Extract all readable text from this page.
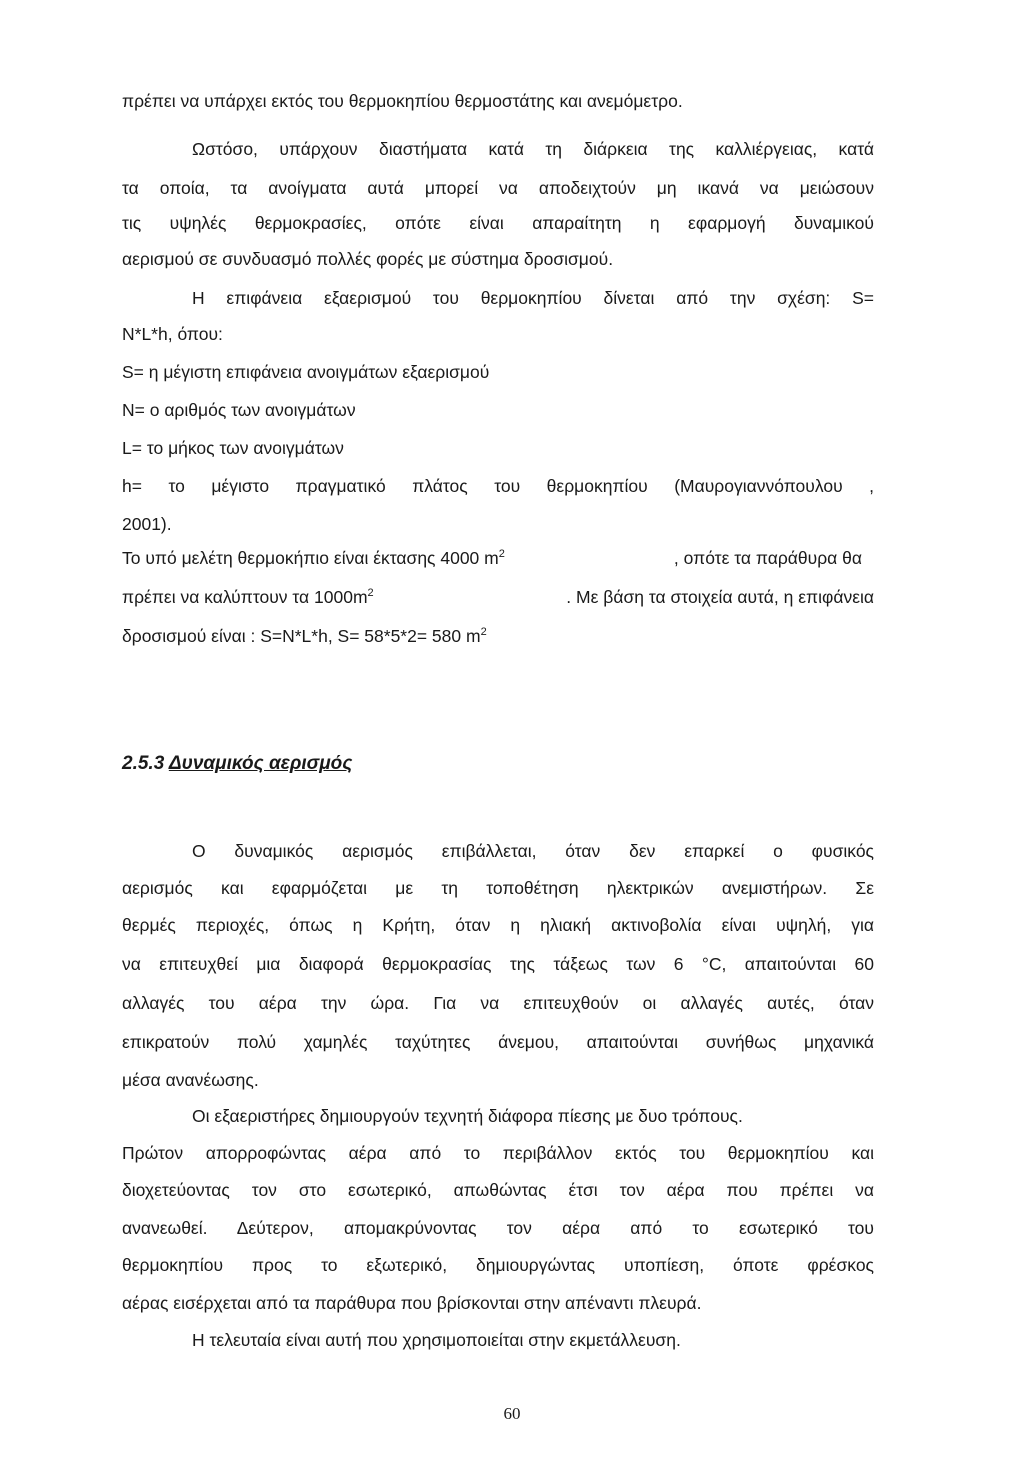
πρέπει να υπάρχει εκτός του θερμοκηπίου θερμοστάτης και ανεμόμετρο.
Ωστόσο, υπάρχουν διαστήματα κατά τη διάρκεια της καλλιέργειας, κατά
τα οποία, τα ανοίγματα αυτά μπορεί να αποδειχτούν μη ικανά να μειώσουν
τις υψηλές θερμοκρασίες, οπότε είναι απαραίτητη η εφαρμογή δυναμικού
αερισμού σε συνδυασμό πολλές φορές με σύστημα δροσισμού.
Η επιφάνεια εξαερισμού του θερμοκηπίου δίνεται από την σχέση: S=
N*L*h, όπου:
S= η μέγιστη επιφάνεια ανοιγμάτων εξαερισμού
N= ο αριθμός των ανοιγμάτων
L= το μήκος των ανοιγμάτων
h= το μέγιστο πραγματικό πλάτος του θερμοκηπίου (Μαυρογιαννόπουλου ,
2001).
Το υπό μελέτη θερμοκήπιο είναι έκτασης 4000 $m^2$	, οπότε τα παράθυρα θα
πρέπει να καλύπτουν τα $1000m^2$	. Με βάση τα στοιχεία αυτά, η επιφάνεια
δροσισμού είναι : S=N*L*h, S= 58*5*2= 580 $m^2$
2.5.3 Δυναμικός αερισμός
Ο δυναμικός αερισμός επιβάλλεται, όταν δεν επαρκεί ο φυσικός
αερισμός και εφαρμόζεται με τη τοποθέτηση ηλεκτρικών ανεμιστήρων. Σε
θερμές περιοχές, όπως η Κρήτη, όταν η ηλιακή ακτινοβολία είναι υψηλή, για
να επιτευχθεί μια διαφορά θερμοκρασίας της τάξεως των 6 °C, απαιτούνται 60
αλλαγές του αέρα την ώρα. Για να επιτευχθούν οι αλλαγές αυτές, όταν
επικρατούν πολύ χαμηλές ταχύτητες άνεμου, απαιτούνται συνήθως μηχανικά
μέσα ανανέωσης.
Οι εξαεριστήρες δημιουργούν τεχνητή διάφορα πίεσης με δυο τρόπους.
Πρώτον απορροφώντας αέρα από το περιβάλλον εκτός του θερμοκηπίου και
διοχετεύοντας τον στο εσωτερικό, απωθώντας έτσι τον αέρα που πρέπει να
ανανεωθεί. Δεύτερον, απομακρύνοντας τον αέρα από το εσωτερικό του
θερμοκηπίου προς το εξωτερικό, δημιουργώντας υποπίεση, όποτε φρέσκος
αέρας εισέρχεται από τα παράθυρα που βρίσκονται στην απέναντι πλευρά.
Η τελευταία είναι αυτή που χρησιμοποιείται στην εκμετάλλευση.
60
